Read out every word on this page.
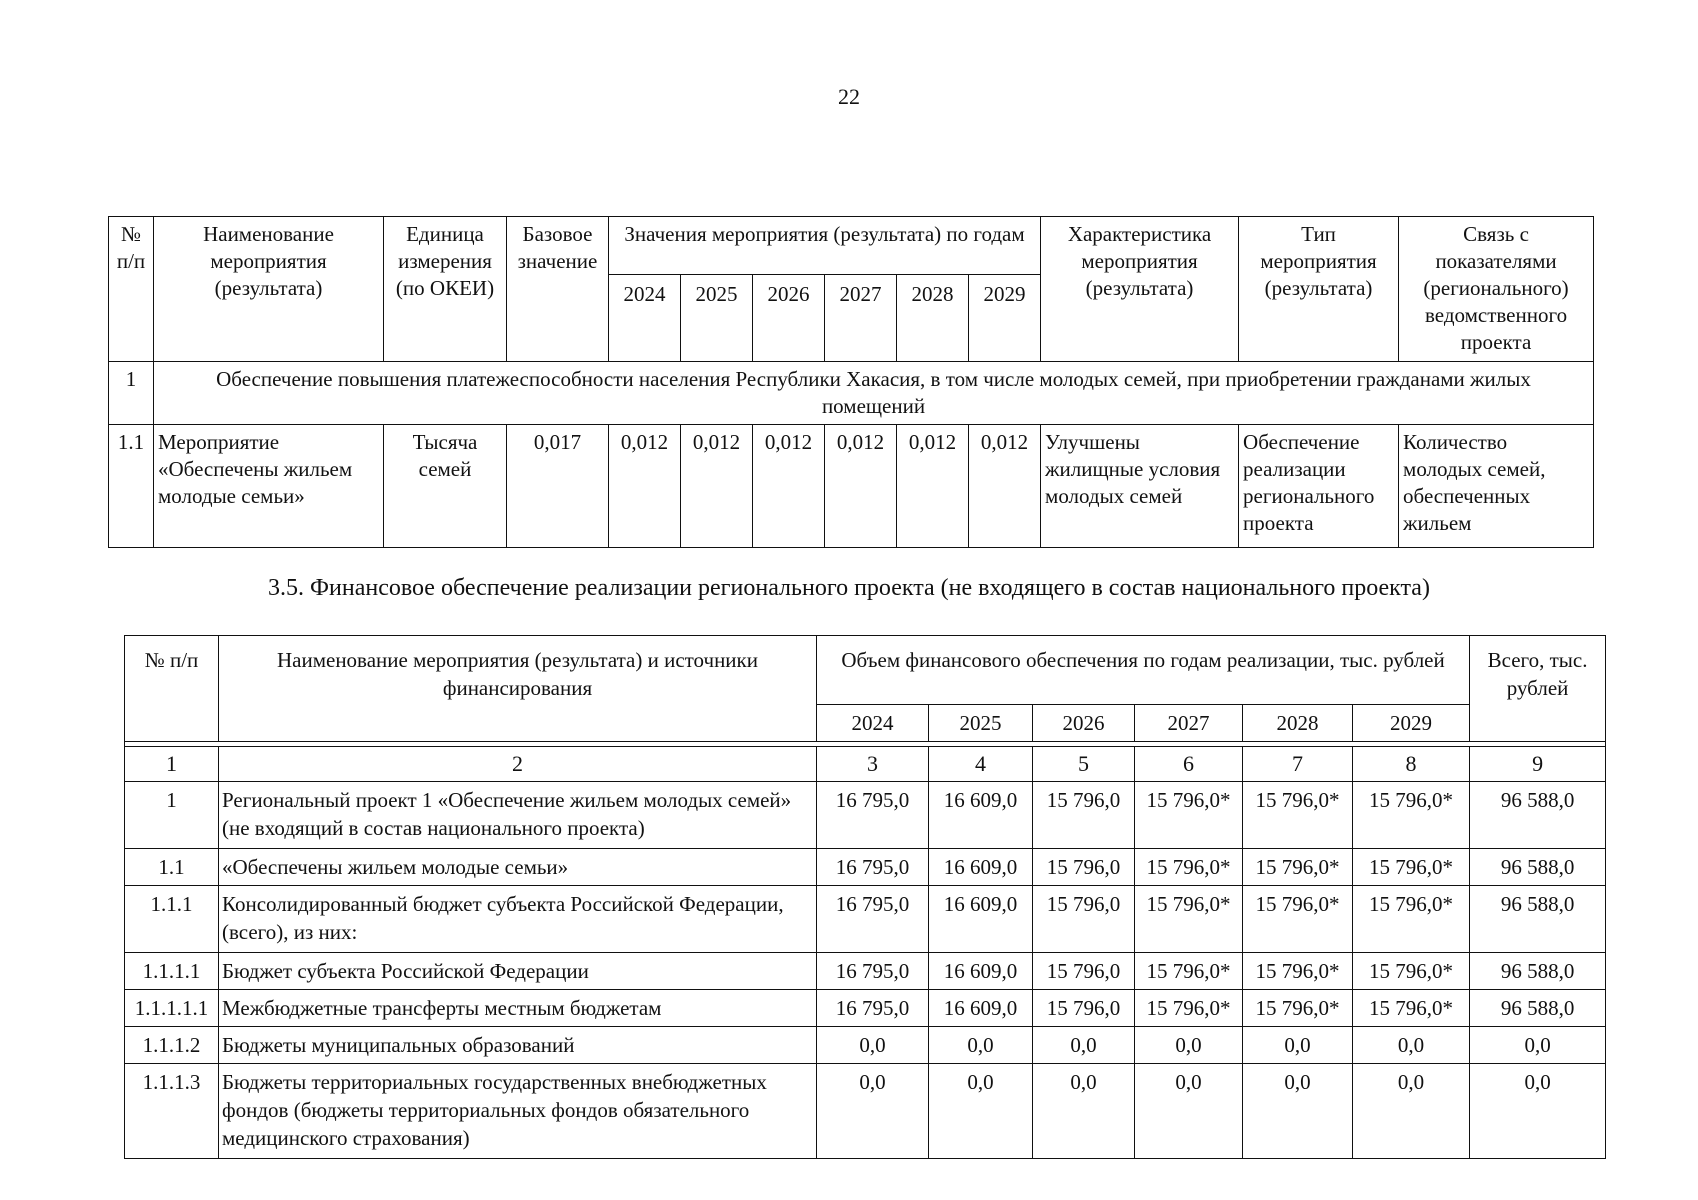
22
№ п/п	Наименование мероприятия (результата)	Единица измерения (по ОКЕИ)	Базовое значение	Значения мероприятия (результата) по годам						Характеристика мероприятия (результата)	Тип мероприятия (результата)	Связь с показателями (регионального) ведомственного проекта
				2024	2025	2026	2027	2028	2029			
1	Обеспечение повышения платежеспособности населения Республики Хакасия, в том числе молодых семей, при приобретении гражданами жилых помещений											
1.1	Мероприятие «Обеспечены жильем молодые семьи»	Тысяча семей	0,017	0,012	0,012	0,012	0,012	0,012	0,012	Улучшены жилищные условия молодых семей	Обеспечение реализации регионального проекта	Количество молодых семей, обеспеченных жильем
3.5. Финансовое обеспечение реализации регионального проекта (не входящего в состав национального проекта)
№ п/п	Наименование мероприятия (результата) и источники финансирования	Объем финансового обеспечения по годам реализации, тыс. рублей						Всего, тыс. рублей
		2024	2025	2026	2027	2028	2029	

1	2	3	4	5	6	7	8	9
1	Региональный проект 1 «Обеспечение жильем молодых семей» (не входящий в состав национального проекта)	16 795,0	16 609,0	15 796,0	15 796,0*	15 796,0*	15 796,0*	96 588,0
1.1	«Обеспечены жильем молодые семьи»	16 795,0	16 609,0	15 796,0	15 796,0*	15 796,0*	15 796,0*	96 588,0
1.1.1	Консолидированный бюджет субъекта Российской Федерации, (всего), из них:	16 795,0	16 609,0	15 796,0	15 796,0*	15 796,0*	15 796,0*	96 588,0
1.1.1.1	Бюджет субъекта Российской Федерации	16 795,0	16 609,0	15 796,0	15 796,0*	15 796,0*	15 796,0*	96 588,0
1.1.1.1.1	Межбюджетные трансферты местным бюджетам	16 795,0	16 609,0	15 796,0	15 796,0*	15 796,0*	15 796,0*	96 588,0
1.1.1.2	Бюджеты муниципальных образований	0,0	0,0	0,0	0,0	0,0	0,0	0,0
1.1.1.3	Бюджеты территориальных государственных внебюджетных фондов (бюджеты территориальных фондов обязательного медицинского страхования)	0,0	0,0	0,0	0,0	0,0	0,0	0,0
